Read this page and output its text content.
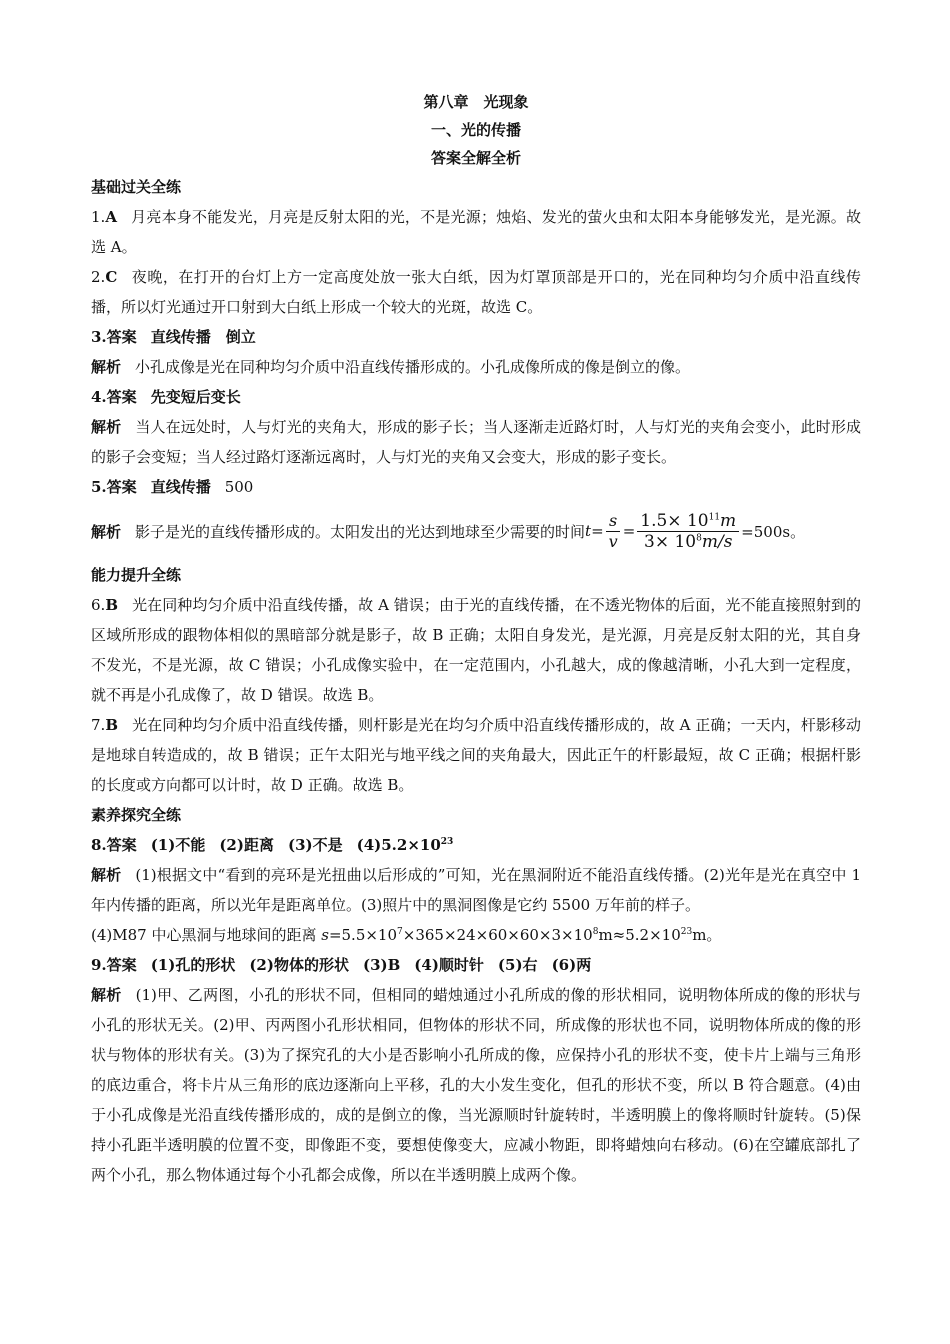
第八章　光现象

一、光的传播

答案全解全析

基础过关全练

1.A 月亮本身不能发光，月亮是反射太阳的光，不是光源；烛焰、发光的萤火虫和太阳本身能够发光，是光源。故选 A。

2.C 夜晚，在打开的台灯上方一定高度处放一张大白纸，因为灯罩顶部是开口的，光在同种均匀介质中沿直线传播，所以灯光通过开口射到大白纸上形成一个较大的光斑，故选 C。

3.答案 直线传播　倒立

解析 小孔成像是光在同种均匀介质中沿直线传播形成的。小孔成像所成的像是倒立的像。

4.答案 先变短后变长

解析 当人在远处时，人与灯光的夹角大，形成的影子长；当人逐渐走近路灯时，人与灯光的夹角会变小，此时形成的影子会变短；当人经过路灯逐渐远离时，人与灯光的夹角又会变大，形成的影子变长。

5.答案 直线传播 500

解析 影子是光的直线传播形成的。太阳发出的光达到地球至少需要的时间 $t = \frac{s}{v} = \frac{1.5\times 10^{11}m}{3\times 10^8m/s} =500s$。

能力提升全练

6.B 光在同种均匀介质中沿直线传播，故 A 错误；由于光的直线传播，在不透光物体的后面，光不能直接照射到的区域所形成的跟物体相似的黑暗部分就是影子，故 B 正确；太阳自身发光，是光源，月亮是反射太阳的光，其自身不发光，不是光源，故 C 错误；小孔成像实验中，在一定范围内，小孔越大，成的像越清晰，小孔大到一定程度，就不再是小孔成像了，故 D 错误。故选 B。

7.B 光在同种均匀介质中沿直线传播，则杆影是光在均匀介质中沿直线传播形成的，故 A 正确；一天内，杆影移动是地球自转造成的，故 B 错误；正午太阳光与地平线之间的夹角最大，因此正午的杆影最短，故 C 正确；根据杆影的长度或方向都可以计时，故 D 正确。故选 B。

素养探究全练

8.答案 (1)不能 (2)距离 (3)不是 $(4)5.2\times 10^{23}$

解析 (1)根据文中“看到的亮环是光扭曲以后形成的”可知，光在黑洞附近不能沿直线传播。(2)光年是光在真空中 1 年内传播的距离，所以光年是距离单位。(3)照片中的黑洞图像是它约 5500 万年前的样子。

(4)M87 中心黑洞与地球间的距离 $s=5.5\times 10^7\times 365\times 24\times 60\times 60\times 3\times 10^8m\approx 5.2\times 10^{23}m$。

9.答案 (1)孔的形状 (2)物体的形状 (3)B (4)顺时针 (5)右 (6)两

解析 (1)甲、乙两图，小孔的形状不同，但相同的蜡烛通过小孔所成的像的形状相同，说明物体所成的像的形状与小孔的形状无关。(2)甲、丙两图小孔形状相同，但物体的形状不同，所成像的形状也不同，说明物体所成的像的形状与物体的形状有关。(3)为了探究孔的大小是否影响小孔所成的像，应保持小孔的形状不变，使卡片上端与三角形的底边重合，将卡片从三角形的底边逐渐向上平移，孔的大小发生变化，但孔的形状不变，所以 B 符合题意。(4)由于小孔成像是光沿直线传播形成的，成的是倒立的像，当光源顺时针旋转时，半透明膜上的像将顺时针旋转。(5)保持小孔距半透明膜的位置不变，即像距不变，要想使像变大，应减小物距，即将蜡烛向右移动。(6)在空罐底部扎了两个小孔，那么物体通过每个小孔都会成像，所以在半透明膜上成两个像。
